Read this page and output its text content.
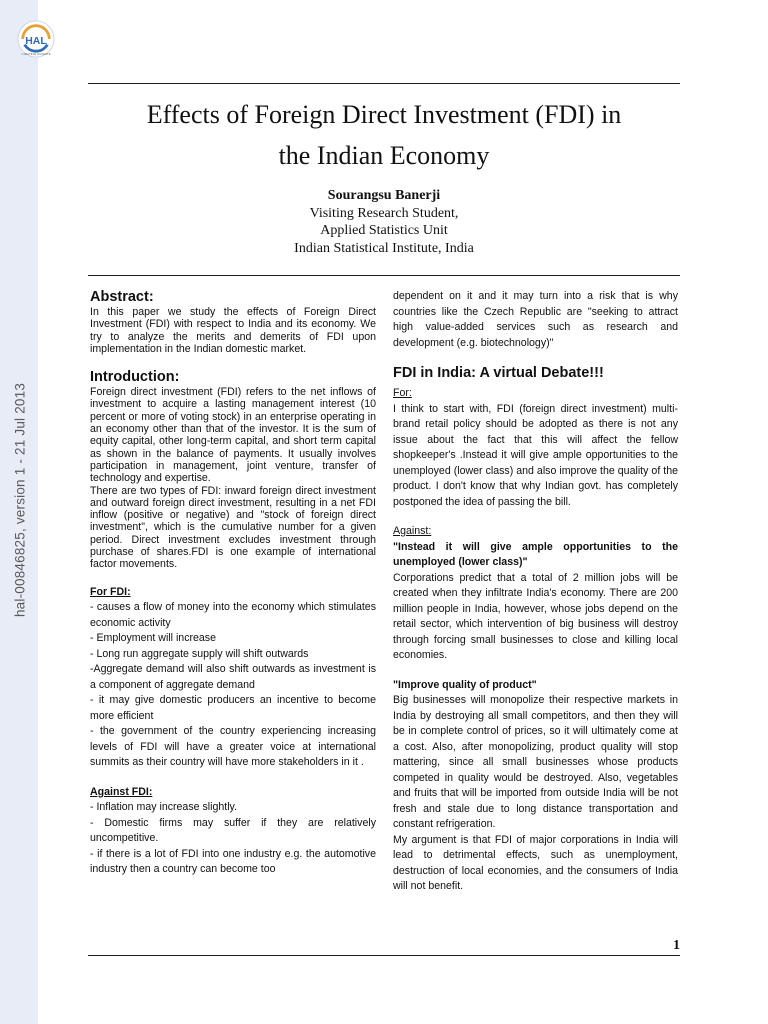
hal-00846825, version 1 - 21 Jul 2013
HAL
L'ARCHIVE OUVERTE
Effects of Foreign Direct Investment (FDI) in
the Indian Economy
Sourangsu Banerji
Visiting Research Student,
Applied Statistics Unit
Indian Statistical Institute, India
Abstract:

In this paper we study the effects of Foreign Direct Investment (FDI) with respect to India and its economy. We try to analyze the merits and demerits of FDI upon implementation in the Indian domestic market.

Introduction:

Foreign direct investment (FDI) refers to the net inflows of investment to acquire a lasting management interest (10 percent or more of voting stock) in an enterprise operating in an economy other than that of the investor. It is the sum of equity capital, other long-term capital, and short term capital as shown in the balance of payments. It usually involves participation in management, joint venture, transfer of technology and expertise.

There are two types of FDI: inward foreign direct investment and outward foreign direct investment, resulting in a net FDI inflow (positive or negative) and "stock of foreign direct investment", which is the cumulative number for a given period. Direct investment excludes investment through purchase of shares.FDI is one example of international factor movements.

For FDI:

- causes a flow of money into the economy which stimulates economic activity

- Employment will increase

- Long run aggregate supply will shift outwards

-Aggregate demand will also shift outwards as investment is a component of aggregate demand

- it may give domestic producers an incentive to become more efficient

- the government of the country experiencing increasing levels of FDI will have a greater voice at international summits as their country will have more stakeholders in it .

Against FDI:

- Inflation may increase slightly.

- Domestic firms may suffer if they are relatively uncompetitive.

- if there is a lot of FDI into one industry e.g. the automotive industry then a country can become too

dependent on it and it may turn into a risk that is why countries like the Czech Republic are "seeking to attract high value-added services such as research and development (e.g. biotechnology)"

FDI in India: A virtual Debate!!!

For:

I think to start with, FDI (foreign direct investment) multi-brand retail policy should be adopted as there is not any issue about the fact that this will affect the fellow shopkeeper's .Instead it will give ample opportunities to the unemployed (lower class) and also improve the quality of the product. I don't know that why Indian govt. has completely postponed the idea of passing the bill.

Against:

"Instead it will give ample opportunities to the unemployed (lower class)"

Corporations predict that a total of 2 million jobs will be created when they infiltrate India's economy. There are 200 million people in India, however, whose jobs depend on the retail sector, which intervention of big business will destroy through forcing small businesses to close and killing local economies.

"Improve quality of product"

Big businesses will monopolize their respective markets in India by destroying all small competitors, and then they will be in complete control of prices, so it will ultimately come at a cost. Also, after monopolizing, product quality will stop mattering, since all small businesses whose products competed in quality would be destroyed. Also, vegetables and fruits that will be imported from outside India will be not fresh and stale due to long distance transportation and constant refrigeration.

My argument is that FDI of major corporations in India will lead to detrimental effects, such as unemployment, destruction of local economies, and the consumers of India will not benefit.

1
